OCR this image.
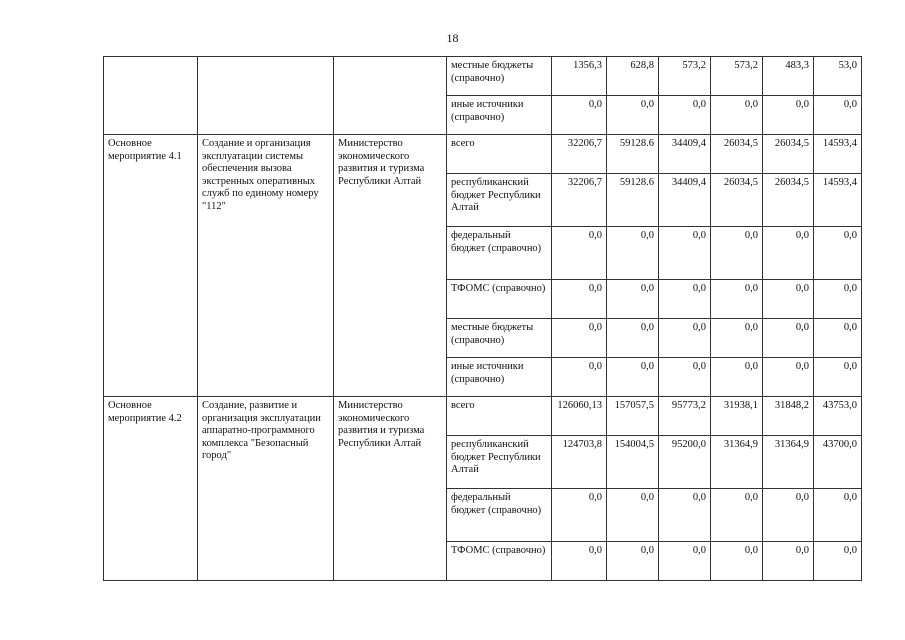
18
			местные бюджеты (справочно)	1356,3	628,8	573,2	573,2	483,3	53,0
			иные источники (справочно)	0,0	0,0	0,0	0,0	0,0	0,0
Основное мероприятие 4.1	Создание и организация эксплуатации системы обеспечения вызова экстренных оперативных служб по единому номеру "112"	Министерство экономического развития и туризма Республики Алтай	всего	32206,7	59128.6	34409,4	26034,5	26034,5	14593,4
			республиканский бюджет Республики Алтай	32206,7	59128.6	34409,4	26034,5	26034,5	14593,4
			федеральный бюджет (справочно)	0,0	0,0	0,0	0,0	0,0	0,0
			ТФОМС (справочно)	0,0	0,0	0,0	0,0	0,0	0,0
			местные бюджеты (справочно)	0,0	0,0	0,0	0,0	0,0	0,0
			иные источники (справочно)	0,0	0,0	0,0	0,0	0,0	0,0
Основное мероприятие 4.2	Создание, развитие и организация эксплуатации аппаратно-программного комплекса "Безопасный город"	Министерство экономического развития и туризма Республики Алтай	всего	126060,13	157057,5	95773,2	31938,1	31848,2	43753,0
			республиканский бюджет Республики Алтай	124703,8	154004,5	95200,0	31364,9	31364,9	43700,0
			федеральный бюджет (справочно)	0,0	0,0	0,0	0,0	0,0	0,0
			ТФОМС (справочно)	0,0	0,0	0,0	0,0	0,0	0,0
